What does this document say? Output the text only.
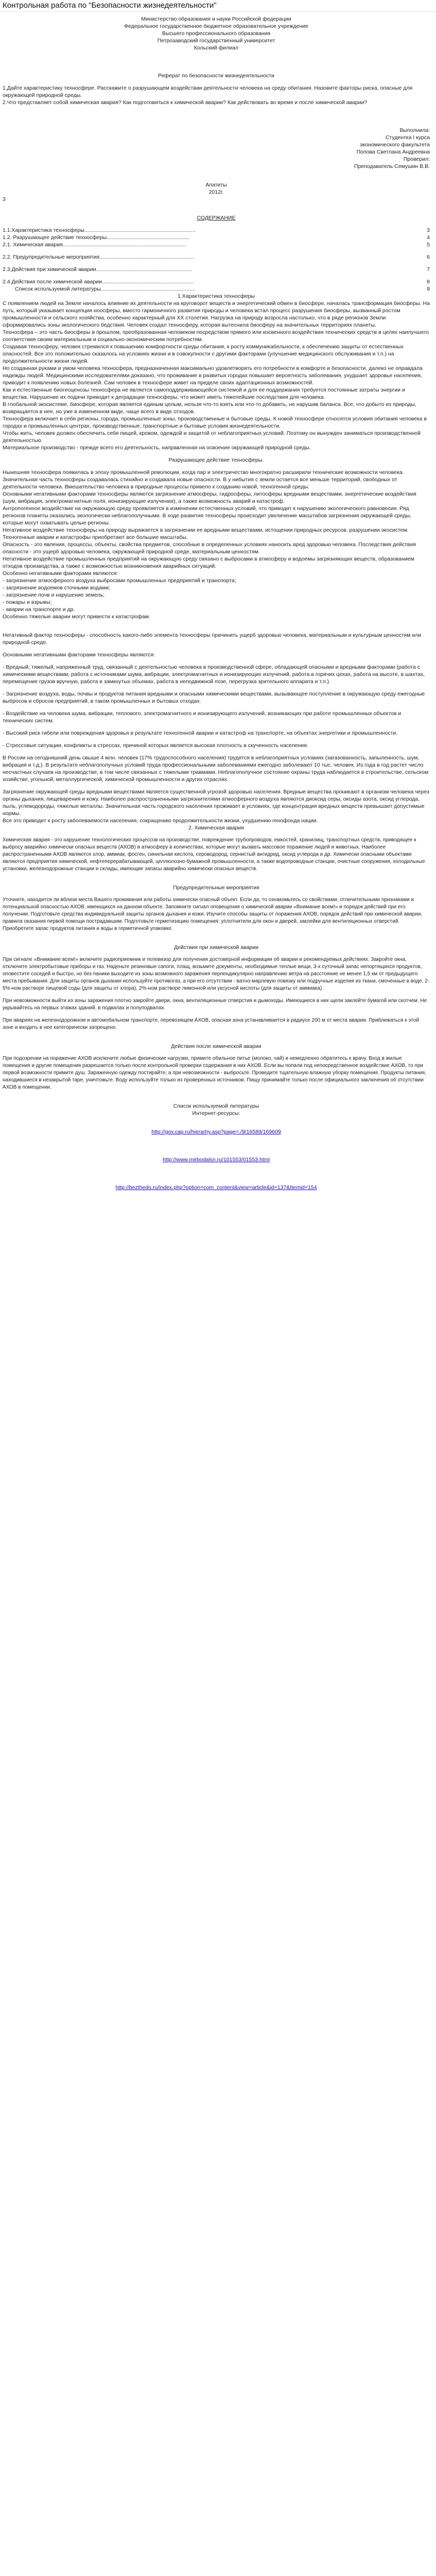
Контрольная работа по "Безопасности жизнедеятельности"

Министерство образования и науки Российской федерации

Федеральное государственное бюджетное образовательное учреждение

Высшего профессионального образования

Петрозаводский государственный университет

Кольский филиал

Реферат по безопасности жизнедеятельности

1.Дайте характеристику техносфере. Расскажите о разрушающем воздействии деятельности человека на среду обитания. Назовите факторы риска, опасные для окружающей природной среды.

2.Что представляет собой химическая авария? Как подготовиться к химической аварии? Как действовать во время и после химической аварии?

Выполнила:

Студентка I курса

экономического факультета

Попова Светлана Андреевна

Проверил:

Преподаватель Семушин В.В.

Апатиты

2012г.

3

СОДЕРЖАНИЕ

1.1.Характеристика техносферы..........................................................................	3
1.2. Разрушающее действие техносферы.......................................................	4
2.1. Химическая авария..................................................................................	5
2.2. Предупредительные мероприятия...............................................................	6
2.3.Действия при химической аварии................................................................	7
2.4.Действия после химической аварии.............................................................	8
Список используемой литературы...............................................................	9

1.Характеристика техносферы

С появлением людей на Земле началось влияние их деятельности на круговорот веществ и энергетический обмен в биосфере, началась трансформация биосферы. На путь, который указывает концепция ноосферы, вместо гармоничного развития природы и человека встал процесс разрушения биосферы, вызванный ростом промышленности и сельского хозяйства, особенно характерный для XX столетия. Нагрузка на природу возросла настолько, что в ряде регионов Земли сформировались зоны экологического бедствия. Человек создал техносферу, которая вытеснила биосферу на значительных территориях планеты.

Техносфера – это часть биосферы в прошлом, преобразованная человеком посредством прямого или косвенного воздействия технических средств в целях наилучшего соответствия своим материальным и социально-экономическим потребностям.

Создавая техносферу, человек стремился к повышению комфортности среды обитания, к росту коммуникабельности, к обеспечению защиты от естественных опасностей. Все это положительно сказалось на условиях жизни и в совокупности с другими факторами (улучшение медицинского обслуживания и т.п.) на продолжительности жизни людей.

Но созданная руками и умом человека техносфера, предназначенная максимально удовлетворять его потребности в комфорте и безопасности, далеко не оправдала надежды людей. Медицинскими исследователями доказано, что проживание в развитых городах повышает вероятность заболевания, ухудшает здоровье населения, приводит к появлению новых болезней. Сам человек в техносфере живет на пределе своих адаптационных возможностей.

Как и естественные биогеоценозы техносфера не является самоподдерживающейся системой и для ее поддержания требуется постоянные затраты энергии и вещества. Нарушение их подачи приводит к деградации техносферы, что может иметь тяжелейшие последствия для человека.

В глобальной экосистеме, биосфере, которая является единым целым, нельзя что-то взять или что-то добавить, не нарушив баланса. Все, что добыто из природы, возвращается в нее, но уже в измененном виде, чаще всего в виде отходов.

Техносфера включает в себя регионы, города, промышленные зоны, производственные и бытовые среды. К новой техносфере относятся условия обитания человека в городах и промышленных центрах, производственные, транспортные и бытовые условия жизнедеятельности.

Чтобы жить, человек должен обеспечить себя пищей, кровом, одеждой и защитой от неблагоприятных условий. Поэтому он вынужден заниматься производственной деятельностью.

Материальное производство - прежде всего его деятельность, направленная на освоение окружающей природной среды.

Разрушающее действие техносферы.

Нынешняя техносфера появилась в эпоху промышленной революции, когда пар и электричество многократно расширили технические возможности человека. Значительная часть техносферы создавалась стихийно и создавала новые опасности. В у нибытия с земли остается все меньше территорий, свободных от деятельности человека. Вмешательство человека в природные процессы привело к созданию новой, техногенной среды.

Основными негативными факторами техносферы являются загрязнение атмосферы, гидросферы, литосферы вредными веществами, энергетические воздействия (шум, вибрация, электромагнитные поля, ионизирующие излучения), а также возможность аварий и катастроф.

Антропогенное воздействие на окружающую среду проявляется в изменении естественных условий, что приводит к нарушению экологического равновесия. Ряд регионов планеты оказались экологически неблагополучными. В ходе развития техносферы происходит увеличение масштабов загрязнения окружающей среды, которые могут охватывать целые регионы.

Негативное воздействие техносферы на природу выражается в загрязнении ее вредными веществами, истощении природных ресурсов, разрушении экосистем. Техногенные аварии и катастрофы приобретают все большие масштабы.

Опасность - это явления, процессы, объекты, свойства предметов, способные в определенных условиях наносить вред здоровью человека. Последствия действия опасности - это ущерб здоровью человека, окружающей природной среде, материальным ценностям.

Негативное воздействие промышленных предприятий на окружающую среду связано с выбросами в атмосферу и водоемы загрязняющих веществ, образованием отходов производства, а также с возможностью возникновения аварийных ситуаций.

Особенно негативными факторами являются:

- загрязнение атмосферного воздуха выбросами промышленных предприятий и транспорта;

- загрязнение водоемов сточными водами;

- загрязнение почв и нарушение земель;

- пожары и взрывы;

- аварии на транспорте и др.

Особенно тяжелые аварии могут привести к катастрофам.

Негативный фактор техносферы - способность какого-либо элемента техносферы причинить ущерб здоровью человека, материальным и культурным ценностям или природной среде.

Основными негативными факторами техносферы являются:

- Вредный, тяжелый, напряженный труд, связанный с деятельностью человека в производственной сфере, обладающей опасными и вредными факторами (работа с химическими веществами, работа с источниками шума, вибрации, электромагнитных и ионизирующих излучений, работа в горячих цехах, работа на высоте, в шахтах, перемещение грузов вручную, работа в замкнутых объемах, работа в неподвижной позе, перегрузка зрительного аппарата и т.п.).

- Загрязнение воздуха, воды, почвы и продуктов питания вредными и опасными химическими веществами, вызывающее поступление в окружающую среду ежегодные выбросов и сбросов предприятий, в таком промышленных и бытовых отходах.

- Воздействие на человека шума, вибрации, теплового, электромагнитного и ионизирующего излучений, возникающих при работе промышленных объектов и технических систем.

- Высокий риск гибели или повреждения здоровья в результате техногенной аварии и катастроф на транспорте, на объектах энергетики и промышленности.

- Стрессовые ситуации, конфликты в стрессах, причиной которых является высокая плотность в скученность населения.

В России на сегодняшний день свыше 4 млн. человек (17% трудоспособного населения) трудятся в неблагоприятных условиях (загазованность, запыленность, шум, вибрация и т.д.). В результате неблагополучных условий труда профессиональными заболеваниями ежегодно заболевают 10 тыс. человек. Из года в год растет число несчастных случаев на производстве, в том числе связанных с тяжелыми травмами. Неблагополучное состояние охраны труда наблюдается в строительстве, сельском хозяйстве, угольной, металлургической, химической промышленности и других отраслях.

Загрязнение окружающей среды вредными веществами является существенной угрозой здоровью населения. Вредные вещества проникают в организм человека через органы дыхания, пищеварения и кожу. Наиболее распространенными загрязнителями атмосферного воздуха являются диоксид серы, оксиды азота, оксид углерода, пыль, углеводороды, тяжелые металлы. Значительная часть городского населения проживает в условиях, где концентрация вредных веществ превышает допустимые нормы.

Все это приводит к росту заболеваемости населения, сокращению продолжительности жизни, ухудшению генофонда нации.

2. Химическая авария

Химическая авария - это нарушение технологических процессов на производстве, повреждение трубопроводов, емкостей, хранилищ, транспортных средств, приводящее к выбросу аварийно химически опасных веществ (АХОВ) в атмосферу в количествах, которые могут вызвать массовое поражение людей и животных. Наиболее распространенными АХОВ являются хлор, аммиак, фосген, синильная кислота, сероводород, сернистый ангидрид, оксид углерода и др. Химически опасными объектами являются предприятия химической, нефтеперерабатывающей, целлюлозно-бумажной промышленности, а также водопроводные станции, очистные сооружения, холодильные установки, железнодорожные станции и склады, имеющие запасы аварийно химически опасных веществ.

Предупредительные мероприятия

Уточните, находится ли вблизи места Вашего проживания или работы химически опасный объект. Если да, то ознакомьтесь со свойствами, отличительными признаками и потенциальной опасностью АХОВ, имеющихся на данном объекте. Запомните сигнал оповещения о химической аварии «Внимание всем!» и порядок действий при его получении. Подготовьте средства индивидуальной защиты органов дыхания и кожи. Изучите способы защиты от поражения АХОВ, порядок действий при химической аварии, правила оказания первой помощи пострадавшим. Подготовьте герметизацию помещения: уплотнители для окон и дверей, заклейки для вентиляционных отверстий. Приобретите запас продуктов питания и воды в герметичной упаковке.

Действия при химической аварии

При сигнале «Внимание всем!» включите радиоприемник и телевизор для получения достоверной информации об аварии и рекомендуемых действиях. Закройте окна, отключите электробытовые приборы и газ. Наденьте резиновые сапоги, плащ, возьмите документы, необходимые теплые вещи, 3-х суточный запас непортящихся продуктов, оповестите соседей и быстро, но без паники выходите из зоны возможного заражения перпендикулярно направлению ветра на расстояние не менее 1,5 км от предыдущего места пребывания. Для защиты органов дыхания используйте противогаз, а при его отсутствии - ватно-марлевую повязку или подручные изделия из ткани, смоченные в воде, 2-5%-ном растворе пищевой соды (для защиты от хлора), 2%-ном растворе лимонной или уксусной кислоты (для защиты от аммиака).

При невозможности выйти из зоны заражения плотно закройте двери, окна, вентиляционные отверстия и дымоходы. Имеющиеся в них щели заклейте бумагой или скотчем. Не укрывайтесь на первых этажах зданий, в подвалах и полуподвалах.

При авариях на железнодорожном и автомобильном транспорте, перевозящем АХОВ, опасная зона устанавливается в радиусе 200 м от места аварии. Приближаться к этой зоне и входить в нее категорически запрещено.

Действия после химической аварии

При подозрении на поражение АХОВ исключите любые физические нагрузки, примите обильное питье (молоко, чай) и немедленно обратитесь к врачу. Вход в жилые помещения и другие помещения разрешается только после контрольной проверки содержания в них АХОВ. Если вы попали под непосредственное воздействие АХОВ, то при первой возможности примите душ. Зараженную одежду постирайте, а при невозможности - выбросьте. Проведите тщательную влажную уборку помещения. Продукты питания, находившиеся в незакрытой таре, уничтожьте. Воду используйте только из проверенных источников. Пищу принимайте только после официального заключения об отсутствии АХОВ в помещении.

Список используемой литературы

Интернет-ресурсы:

http://gov.cap.ru/hierarhy.asp?page=./9/16589/169609

http://www.mirbodalsn.ru/101553/01553.html

http://bezthedo.ru/index.php?option=com_content&view=article&id=137&Itemid=154
